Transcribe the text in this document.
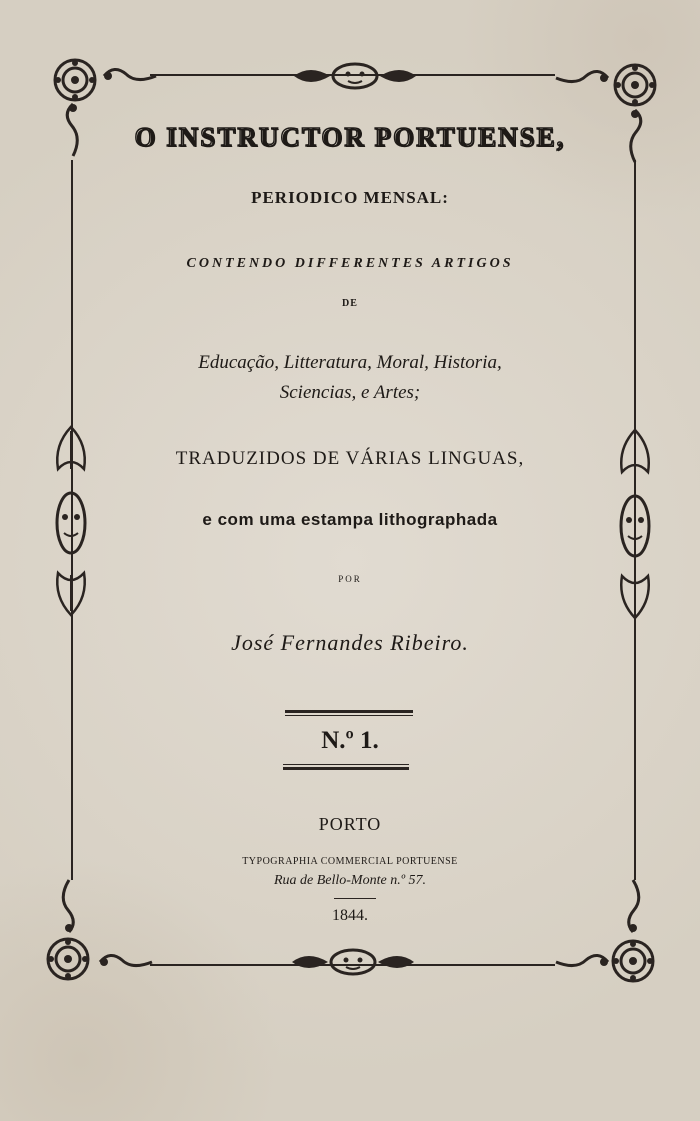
O INSTRUCTOR PORTUENSE,
PERIODICO MENSAL:
CONTENDO DIFFERENTES ARTIGOS
DE
Educação, Litteratura, Moral, Historia,
Sciencias, e Artes;
TRADUZIDOS DE VÁRIAS LINGUAS,
e com uma estampa lithographada
POR
José Fernandes Ribeiro.
N.º 1.
PORTO
TYPOGRAPHIA COMMERCIAL PORTUENSE
Rua de Bello-Monte n.º 57.
1844.
